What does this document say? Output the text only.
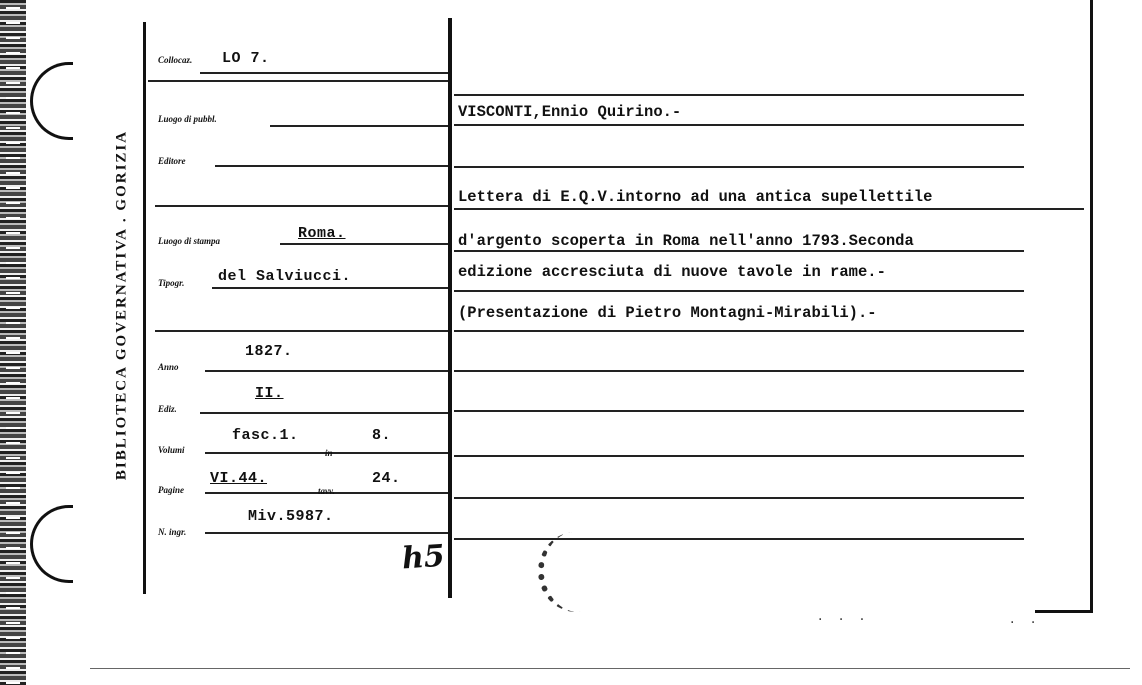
BIBLIOTECA GOVERNATIVA . GORIZIA
Collocaz. LO 7.
Luogo di pubbl.
Editore
Luogo di stampa	Roma.
Tipogr. del Salviucci.
Anno
1827.
Ediz.
II.
Volumi
fasc.1.
in
8.
Pagine
VI.44.
tavv.
24.
N. ingr.
Miv.5987.
VISCONTI,Ennio Quirino.-
Lettera di E.Q.V.intorno ad una antica supellettile
d'argento scoperta in Roma nell'anno 1793.Seconda
edizione accresciuta di nuove tavole in rame.-
(Presentazione di Pietro Montagni-Mirabili).-
h5
· · ·	· ·
